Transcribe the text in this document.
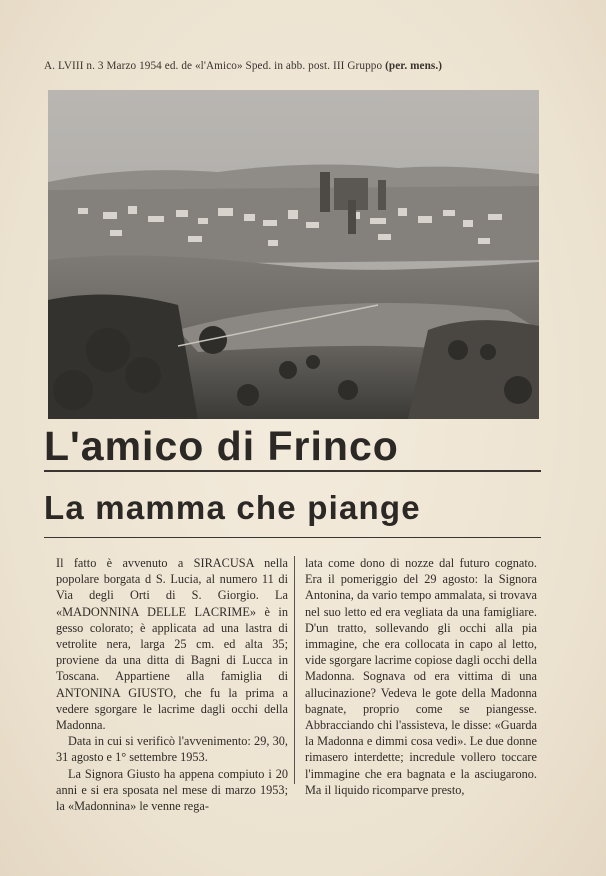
A. LVIII n. 3 Marzo 1954 ed. de «l'Amico» Sped. in abb. post. III Gruppo (per. mens.)
L'amico di Frinco
La mamma che piange

Il fatto è avvenuto a SIRACUSA nella popolare borgata d S. Lucia, al numero 11 di Via degli Orti di S. Giorgio. La «MADONNINA DELLE LACRIME» è in gesso colorato; è applicata ad una lastra di vetrolite nera, larga 25 cm. ed alta 35; proviene da una ditta di Bagni di Lucca in Toscana. Appartiene alla famiglia di ANTONINA GIUSTO, che fu la prima a vedere sgorgare le lacrime dagli occhi della Madonna.

Data in cui si verificò l'avvenimento: 29, 30, 31 agosto e 1° settembre 1953.

La Signora Giusto ha appena compiuto i 20 anni e si era sposata nel mese di marzo 1953; la «Madonnina» le venne rega-

lata come dono di nozze dal futuro cognato. Era il pomeriggio del 29 agosto: la Signora Antonina, da vario tempo ammalata, si trovava nel suo letto ed era vegliata da una famigliare. D'un tratto, sollevando gli occhi alla pia immagine, che era collocata in capo al letto, vide sgorgare lacrime copiose dagli occhi della Madonna. Sognava od era vittima di una allucinazione? Vedeva le gote della Madonna bagnate, proprio come se piangesse. Abbracciando chi l'assisteva, le disse: «Guarda la Madonna e dimmi cosa vedi». Le due donne rimasero interdette; incredule vollero toccare l'immagine che era bagnata e la asciugarono. Ma il liquido ricomparve presto,
